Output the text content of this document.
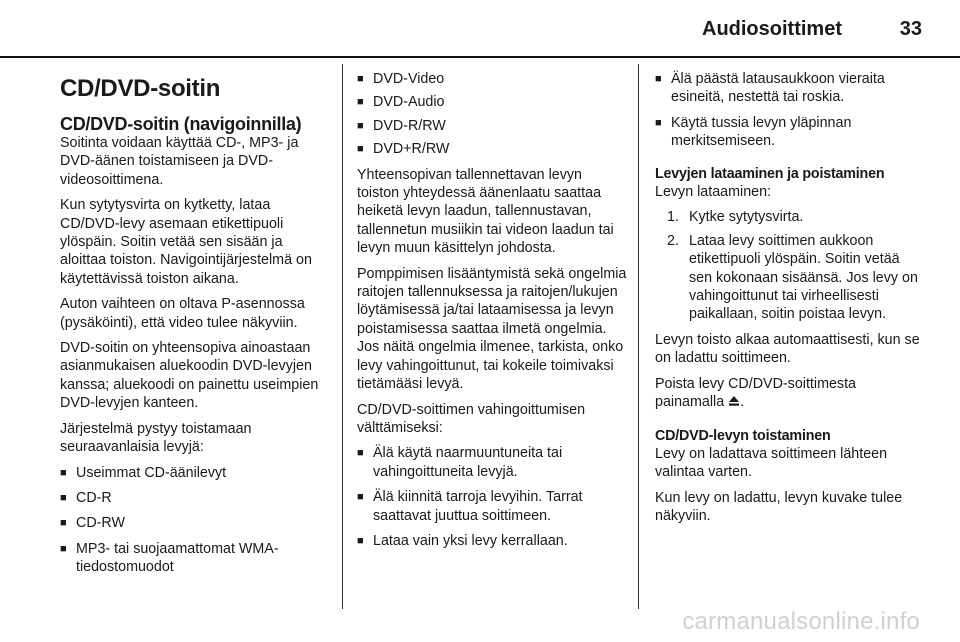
Audiosoittimet	33
CD/DVD-soitin
CD/DVD-soitin (navigoinnilla)

Soitinta voidaan käyttää CD-, MP3- ja DVD-äänen toistamiseen ja DVD-videosoittimena.

Kun sytytysvirta on kytketty, lataa CD/DVD-levy asemaan etikettipuoli ylöspäin. Soitin vetää sen sisään ja aloittaa toiston. Navigointijärjestelmä on käytettävissä toiston aikana.

Auton vaihteen on oltava P-asennossa (pysäköinti), että video tulee näkyviin.

DVD-soitin on yhteensopiva ainoastaan asianmukaisen aluekoodin DVD-levyjen kanssa; aluekoodi on painettu useimpien DVD-levyjen kanteen.

Järjestelmä pystyy toistamaan seuraavanlaisia levyjä:

■ Useimmat CD-äänilevyt
■ CD-R
■ CD-RW
■ MP3- tai suojaamattomat WMA-tiedostomuodot
■ DVD-Video
■ DVD-Audio
■ DVD-R/RW
■ DVD+R/RW

Yhteensopivan tallennettavan levyn toiston yhteydessä äänenlaatu saattaa heiketä levyn laadun, tallennustavan, tallennetun musiikin tai videon laadun tai levyn muun käsittelyn johdosta.

Pomppimisen lisääntymistä sekä ongelmia raitojen tallennuksessa ja raitojen/lukujen löytämisessä ja/tai lataamisessa ja levyn poistamisessa saattaa ilmetä ongelmia. Jos näitä ongelmia ilmenee, tarkista, onko levy vahingoittunut, tai kokeile toimivaksi tietämääsi levyä.

CD/DVD-soittimen vahingoittumisen välttämiseksi:

■ Älä käytä naarmuuntuneita tai vahingoittuneita levyjä.
■ Älä kiinnitä tarroja levyihin. Tarrat saattavat juuttua soittimeen.
■ Lataa vain yksi levy kerrallaan.
■ Älä päästä latausaukkoon vieraita esineitä, nestettä tai roskia.
■ Käytä tussia levyn yläpinnan merkitsemiseen.
Levyjen lataaminen ja poistaminen

Levyn lataaminen:

1. Kytke sytytysvirta.
2. Lataa levy soittimen aukkoon etikettipuoli ylöspäin. Soitin vetää sen kokonaan sisäänsä. Jos levy on vahingoittunut tai virheellisesti paikallaan, soitin poistaa levyn.

Levyn toisto alkaa automaattisesti, kun se on ladattu soittimeen.

Poista levy CD/DVD-soittimesta painamalla .

CD/DVD-levyn toistaminen

Levy on ladattava soittimeen lähteen valintaa varten.

Kun levy on ladattu, levyn kuvake tulee näkyviin.

carmanualsonline.info
